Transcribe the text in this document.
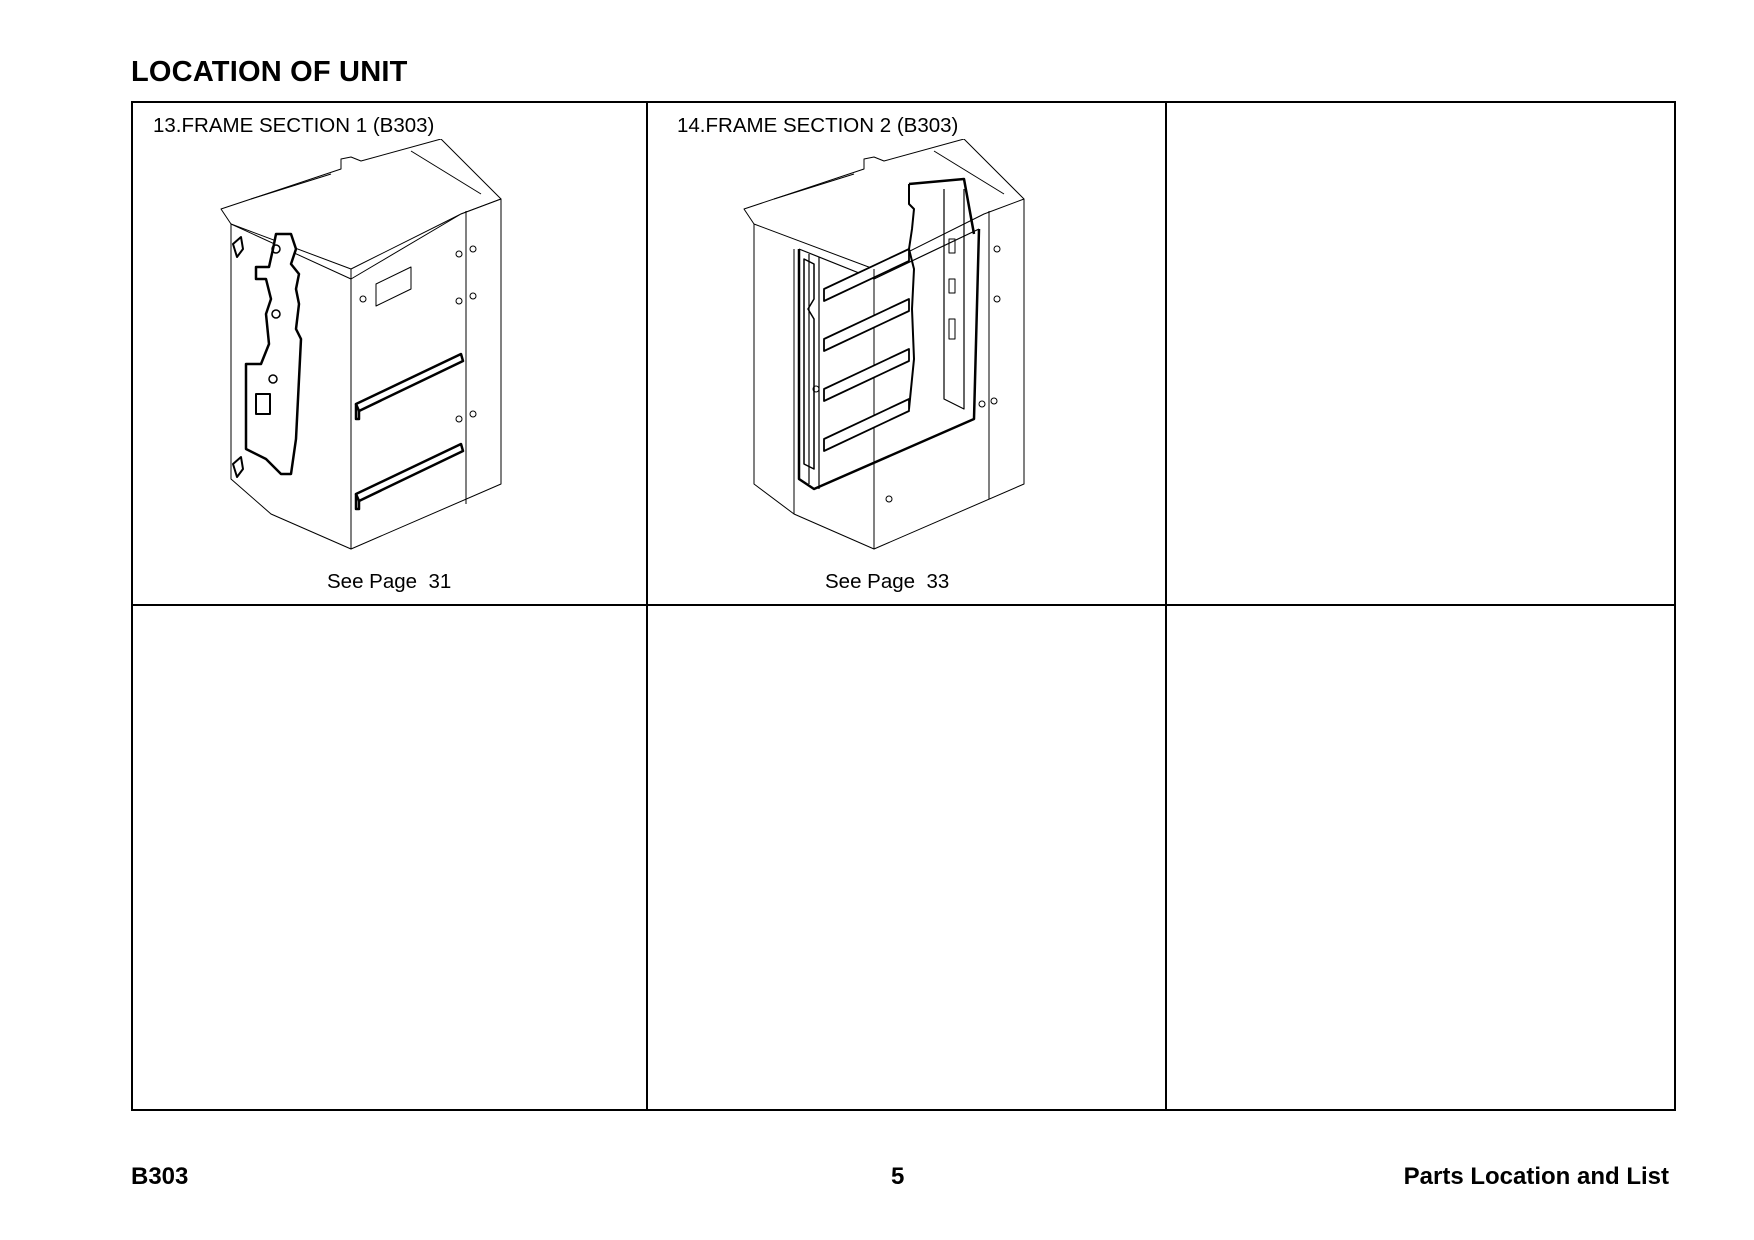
LOCATION OF UNIT
13.FRAME SECTION 1 (B303)
See Page  31
14.FRAME SECTION 2 (B303)
See Page  33
B303	5	Parts Location and List
